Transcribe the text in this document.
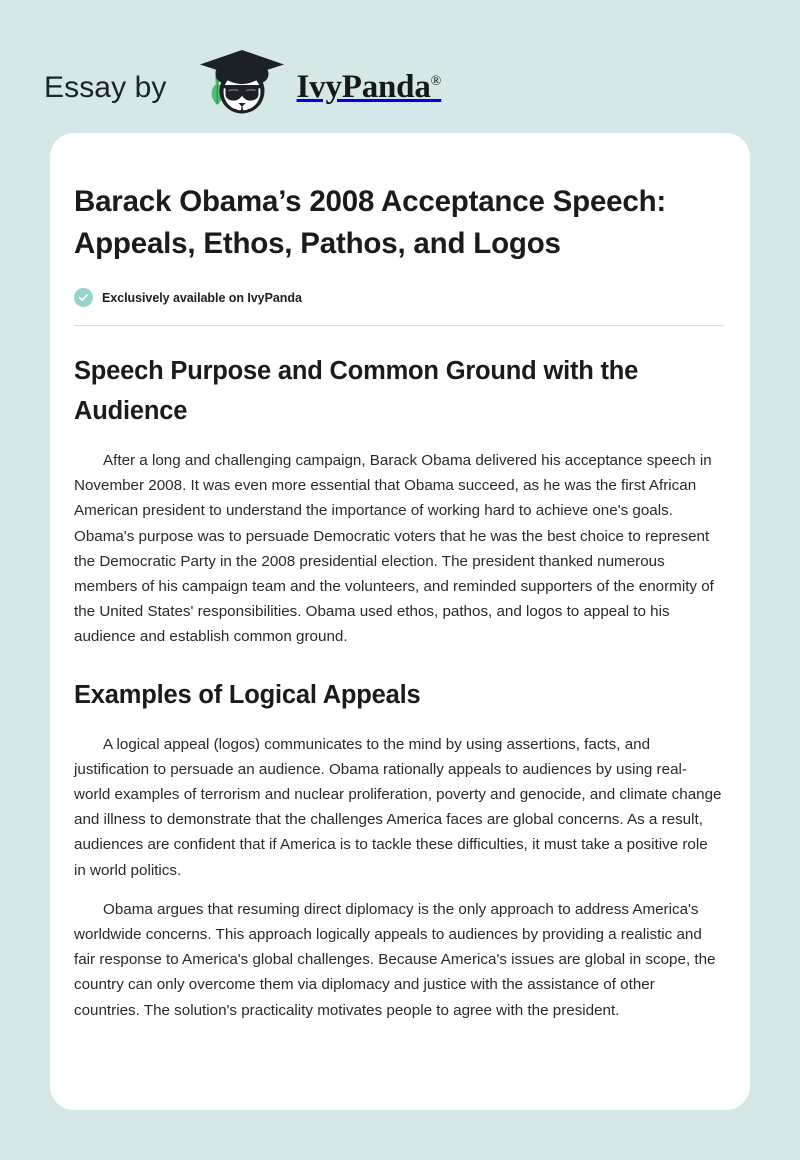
Essay by	IvyPanda®
Barack Obama’s 2008 Acceptance Speech: Appeals, Ethos, Pathos, and Logos
Exclusively available on IvyPanda
Speech Purpose and Common Ground with the Audience

After a long and challenging campaign, Barack Obama delivered his acceptance speech in November 2008. It was even more essential that Obama succeed, as he was the first African American president to understand the importance of working hard to achieve one's goals. Obama's purpose was to persuade Democratic voters that he was the best choice to represent the Democratic Party in the 2008 presidential election. The president thanked numerous members of his campaign team and the volunteers, and reminded supporters of the enormity of the United States' responsibilities. Obama used ethos, pathos, and logos to appeal to his audience and establish common ground.

Examples of Logical Appeals

A logical appeal (logos) communicates to the mind by using assertions, facts, and justification to persuade an audience. Obama rationally appeals to audiences by using real-world examples of terrorism and nuclear proliferation, poverty and genocide, and climate change and illness to demonstrate that the challenges America faces are global concerns. As a result, audiences are confident that if America is to tackle these difficulties, it must take a positive role in world politics.

Obama argues that resuming direct diplomacy is the only approach to address America's worldwide concerns. This approach logically appeals to audiences by providing a realistic and fair response to America's global challenges. Because America's issues are global in scope, the country can only overcome them via diplomacy and justice with the assistance of other countries. The solution's practicality motivates people to agree with the president.
